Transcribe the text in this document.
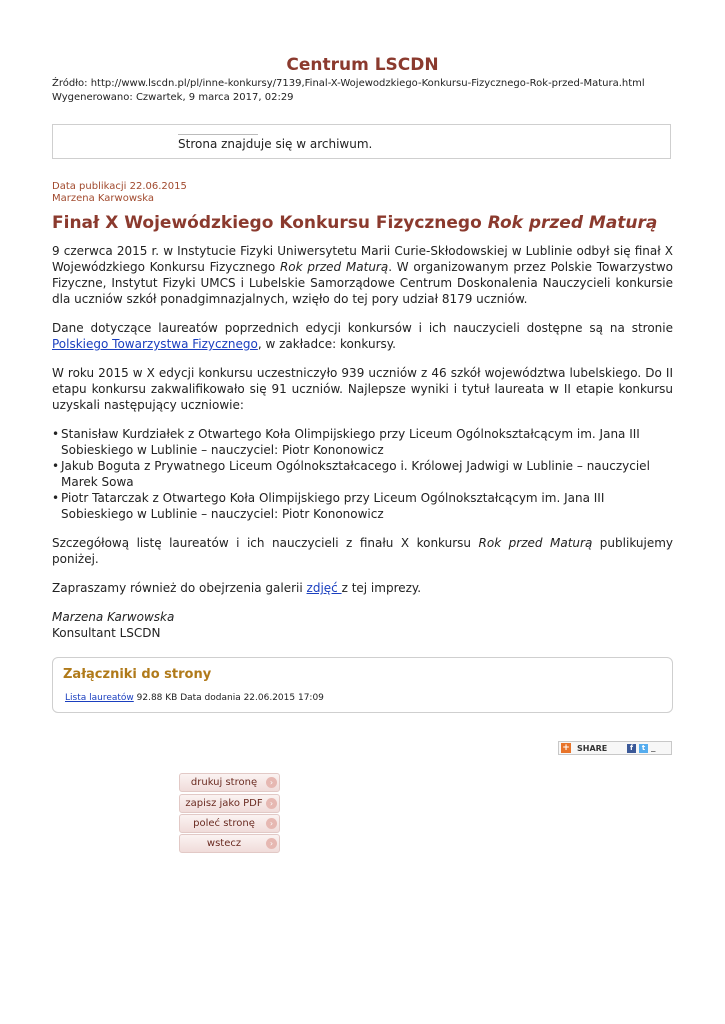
Centrum LSCDN
Źródło: http://www.lscdn.pl/pl/inne-konkursy/7139,Final-X-Wojewodzkiego-Konkursu-Fizycznego-Rok-przed-Matura.html
Wygenerowano: Czwartek, 9 marca 2017, 02:29
Strona znajduje się w archiwum.
Data publikacji 22.06.2015
Marzena Karwowska
Finał X Wojewódzkiego Konkursu Fizycznego Rok przed Maturą

9 czerwca 2015 r. w Instytucie Fizyki Uniwersytetu Marii Curie-Skłodowskiej w Lublinie odbył się finał X Wojewódzkiego Konkursu Fizycznego Rok przed Maturą. W organizowanym przez Polskie Towarzystwo Fizyczne, Instytut Fizyki UMCS i Lubelskie Samorządowe Centrum Doskonalenia Nauczycieli konkursie dla uczniów szkół ponadgimnazjalnych, wzięło do tej pory udział 8179 uczniów.

Dane dotyczące laureatów poprzednich edycji konkursów i ich nauczycieli dostępne są na stronie Polskiego Towarzystwa Fizycznego, w zakładce: konkursy.

W roku 2015 w X edycji konkursu uczestniczyło 939 uczniów z 46 szkół województwa lubelskiego. Do II etapu konkursu zakwalifikowało się 91 uczniów. Najlepsze wyniki i tytuł laureata w II etapie konkursu uzyskali następujący uczniowie:

• Stanisław Kurdziałek z Otwartego Koła Olimpijskiego przy Liceum Ogólnokształcącym im. Jana III Sobieskiego w Lublinie – nauczyciel: Piotr Kononowicz
• Jakub Boguta z Prywatnego Liceum Ogólnokształcacego i. Królowej Jadwigi w Lublinie – nauczyciel Marek Sowa
• Piotr Tatarczak z Otwartego Koła Olimpijskiego przy Liceum Ogólnokształcącym im. Jana III Sobieskiego w Lublinie – nauczyciel: Piotr Kononowicz

Szczegółową listę laureatów i ich nauczycieli z finału X konkursu Rok przed Maturą publikujemy poniżej.

Zapraszamy również do obejrzenia galerii zdjęć z tej imprezy.

Marzena Karwowska

Konsultant LSCDN

Załączniki do strony
Lista laureatów 92.88 KB Data dodania 22.06.2015 17:09
+ SHARE	f	t _
drukuj stronę	›
zapisz jako PDF ›
poleć stronę	›
wstecz	›
